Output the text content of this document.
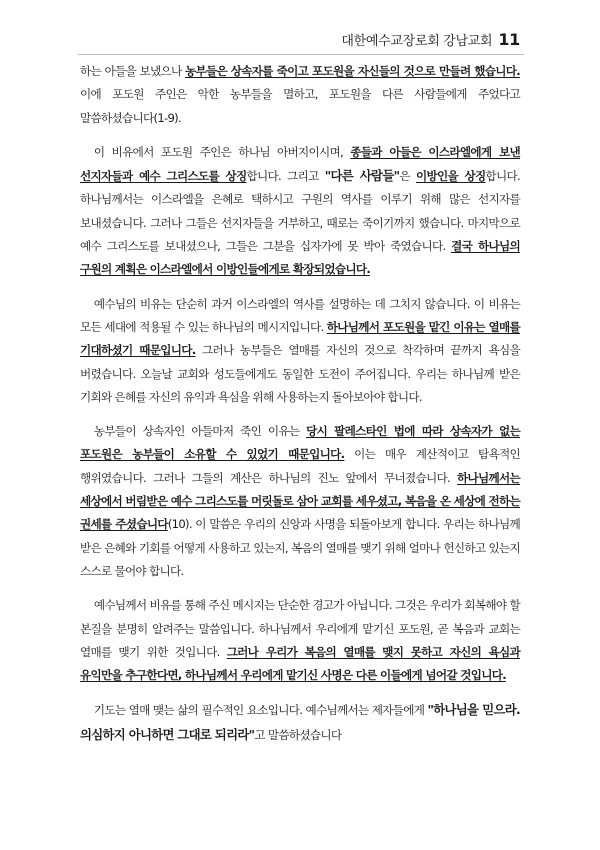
대한예수교장로회 강남교회 11

하는 아들을 보냈으나 농부들은 상속자를 죽이고 포도원을 자신들의 것으로 만들려 했습니다. 이에 포도원 주인은 악한 농부들을 멸하고, 포도원을 다른 사람들에게 주었다고 말씀하셨습니다(1-9).

이 비유에서 포도원 주인은 하나님 아버지이시며, 종들과 아들은 이스라엘에게 보낸 선지자들과 예수 그리스도를 상징합니다. 그리고 "다른 사람들"은 이방인을 상징합니다. 하나님께서는 이스라엘을 은혜로 택하시고 구원의 역사를 이루기 위해 많은 선지자를 보내셨습니다. 그러나 그들은 선지자들을 거부하고, 때로는 죽이기까지 했습니다. 마지막으로 예수 그리스도를 보내셨으나, 그들은 그분을 십자가에 못 박아 죽였습니다. 결국 하나님의 구원의 계획은 이스라엘에서 이방인들에게로 확장되었습니다.

예수님의 비유는 단순히 과거 이스라엘의 역사를 설명하는 데 그치지 않습니다. 이 비유는 모든 세대에 적용될 수 있는 하나님의 메시지입니다. 하나님께서 포도원을 맡긴 이유는 열매를 기대하셨기 때문입니다. 그러나 농부들은 열매를 자신의 것으로 착각하며 끝까지 욕심을 버렸습니다. 오늘날 교회와 성도들에게도 동일한 도전이 주어집니다. 우리는 하나님께 받은 기회와 은혜를 자신의 유익과 욕심을 위해 사용하는지 돌아보아야 합니다.

농부들이 상속자인 아들마저 죽인 이유는 당시 팔레스타인 법에 따라 상속자가 없는 포도원은 농부들이 소유할 수 있었기 때문입니다. 이는 매우 계산적이고 탐욕적인 행위였습니다. 그러나 그들의 계산은 하나님의 진노 앞에서 무너졌습니다. 하나님께서는 세상에서 버림받은 예수 그리스도를 머릿돌로 삼아 교회를 세우셨고, 복음을 온 세상에 전하는 권세를 주셨습니다(10). 이 말씀은 우리의 신앙과 사명을 되돌아보게 합니다. 우리는 하나님께 받은 은혜와 기회를 어떻게 사용하고 있는지, 복음의 열매를 맺기 위해 얼마나 헌신하고 있는지 스스로 물어야 합니다.

예수님께서 비유를 통해 주신 메시지는 단순한 경고가 아닙니다. 그것은 우리가 회복해야 할 본질을 분명히 알려주는 말씀입니다. 하나님께서 우리에게 맡기신 포도원, 곧 복음과 교회는 열매를 맺기 위한 것입니다. 그러나 우리가 복음의 열매를 맺지 못하고 자신의 욕심과 유익만을 추구한다면, 하나님께서 우리에게 맡기신 사명은 다른 이들에게 넘어갈 것입니다.

기도는 열매 맺는 삶의 필수적인 요소입니다. 예수님께서는 제자들에게 "하나님을 믿으라. 의심하지 아니하면 그대로 되리라"고 말씀하셨습니다
